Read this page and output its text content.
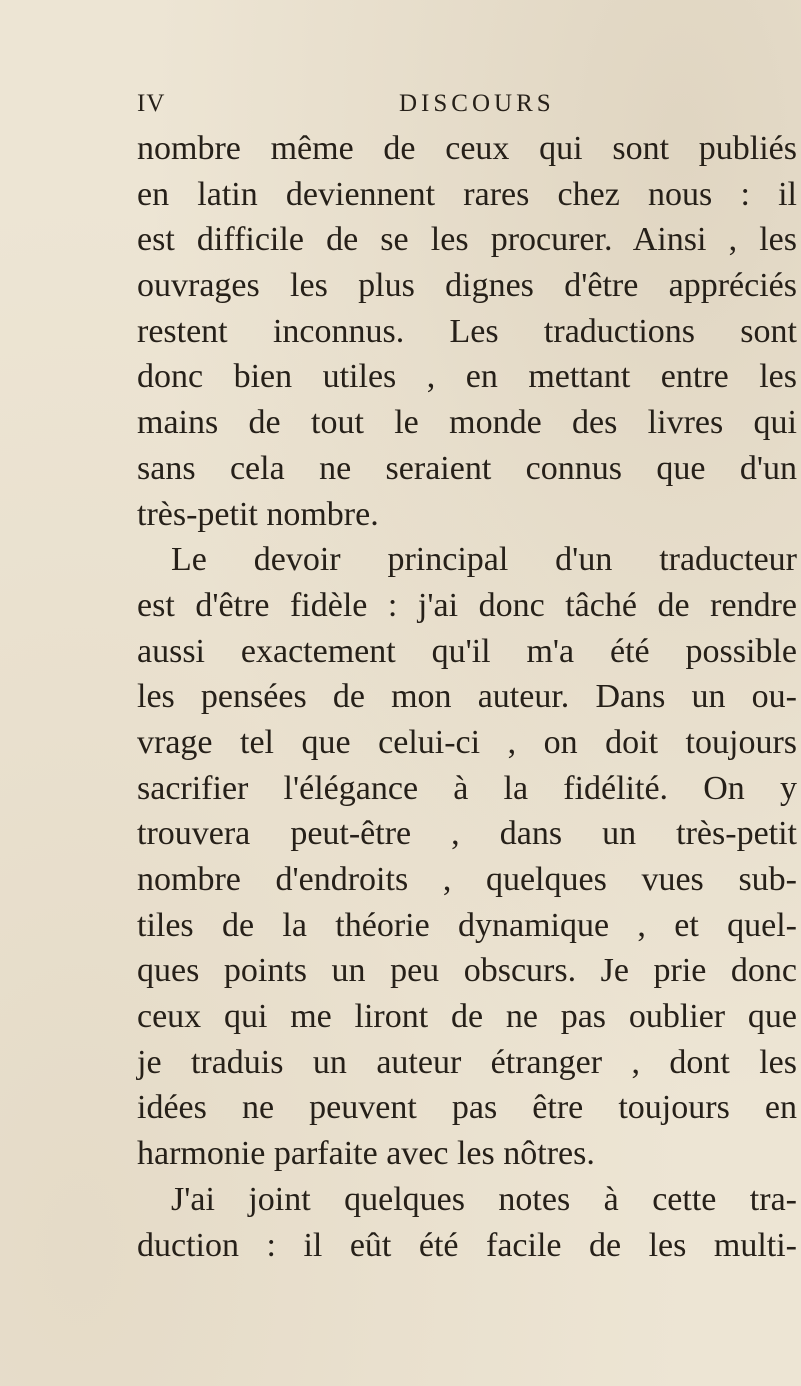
IV	DISCOURS
nombre même de ceux qui sont publiés
en latin deviennent rares chez nous : il
est difficile de se les procurer. Ainsi , les
ouvrages les plus dignes d'être appréciés
restent inconnus. Les traductions sont
donc bien utiles , en mettant entre les
mains de tout le monde des livres qui
sans cela ne seraient connus que d'un
très-petit nombre.
Le devoir principal d'un traducteur
est d'être fidèle : j'ai donc tâché de rendre
aussi exactement qu'il m'a été possible
les pensées de mon auteur. Dans un ou-
vrage tel que celui-ci , on doit toujours
sacrifier l'élégance à la fidélité. On y
trouvera peut-être , dans un très-petit
nombre d'endroits , quelques vues sub-
tiles de la théorie dynamique , et quel-
ques points un peu obscurs. Je prie donc
ceux qui me liront de ne pas oublier que
je traduis un auteur étranger , dont les
idées ne peuvent pas être toujours en
harmonie parfaite avec les nôtres.
J'ai joint quelques notes à cette tra-
duction : il eût été facile de les multi-
